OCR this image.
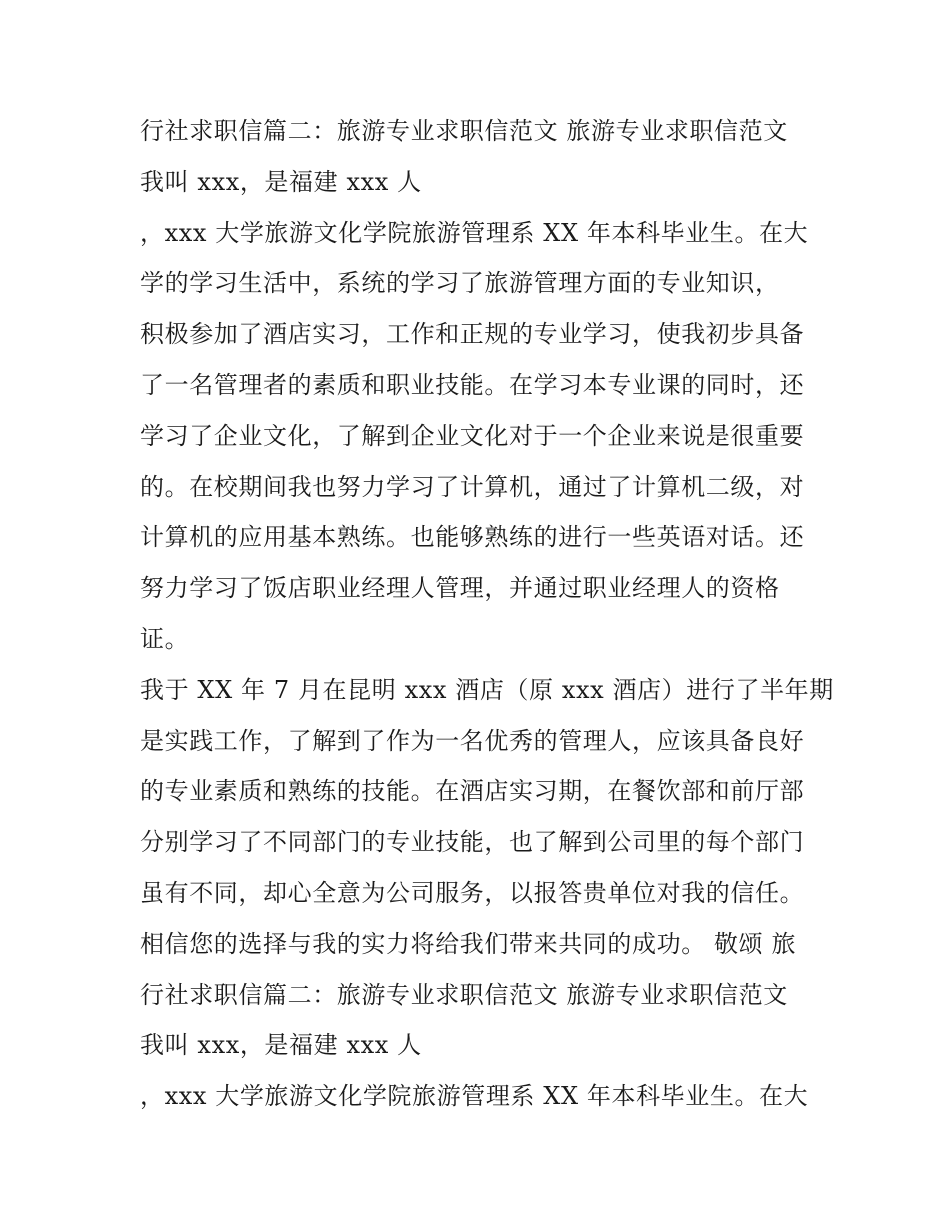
行社求职信篇二：旅游专业求职信范文 旅游专业求职信范文
我叫 xxx，是福建 xxx 人
，xxx 大学旅游文化学院旅游管理系 XX 年本科毕业生。在大
学的学习生活中，系统的学习了旅游管理方面的专业知识，
积极参加了酒店实习，工作和正规的专业学习，使我初步具备
了一名管理者的素质和职业技能。在学习本专业课的同时，还
学习了企业文化，了解到企业文化对于一个企业来说是很重要
的。在校期间我也努力学习了计算机，通过了计算机二级，对
计算机的应用基本熟练。也能够熟练的进行一些英语对话。还
努力学习了饭店职业经理人管理，并通过职业经理人的资格
证。
我于 XX 年 7 月在昆明 xxx 酒店（原 xxx 酒店）进行了半年期
是实践工作，了解到了作为一名优秀的管理人，应该具备良好
的专业素质和熟练的技能。在酒店实习期，在餐饮部和前厅部
分别学习了不同部门的专业技能，也了解到公司里的每个部门
虽有不同，却心全意为公司服务，以报答贵单位对我的信任。
相信您的选择与我的实力将给我们带来共同的成功。 敬颂 旅
行社求职信篇二：旅游专业求职信范文 旅游专业求职信范文
我叫 xxx，是福建 xxx 人
，xxx 大学旅游文化学院旅游管理系 XX 年本科毕业生。在大
